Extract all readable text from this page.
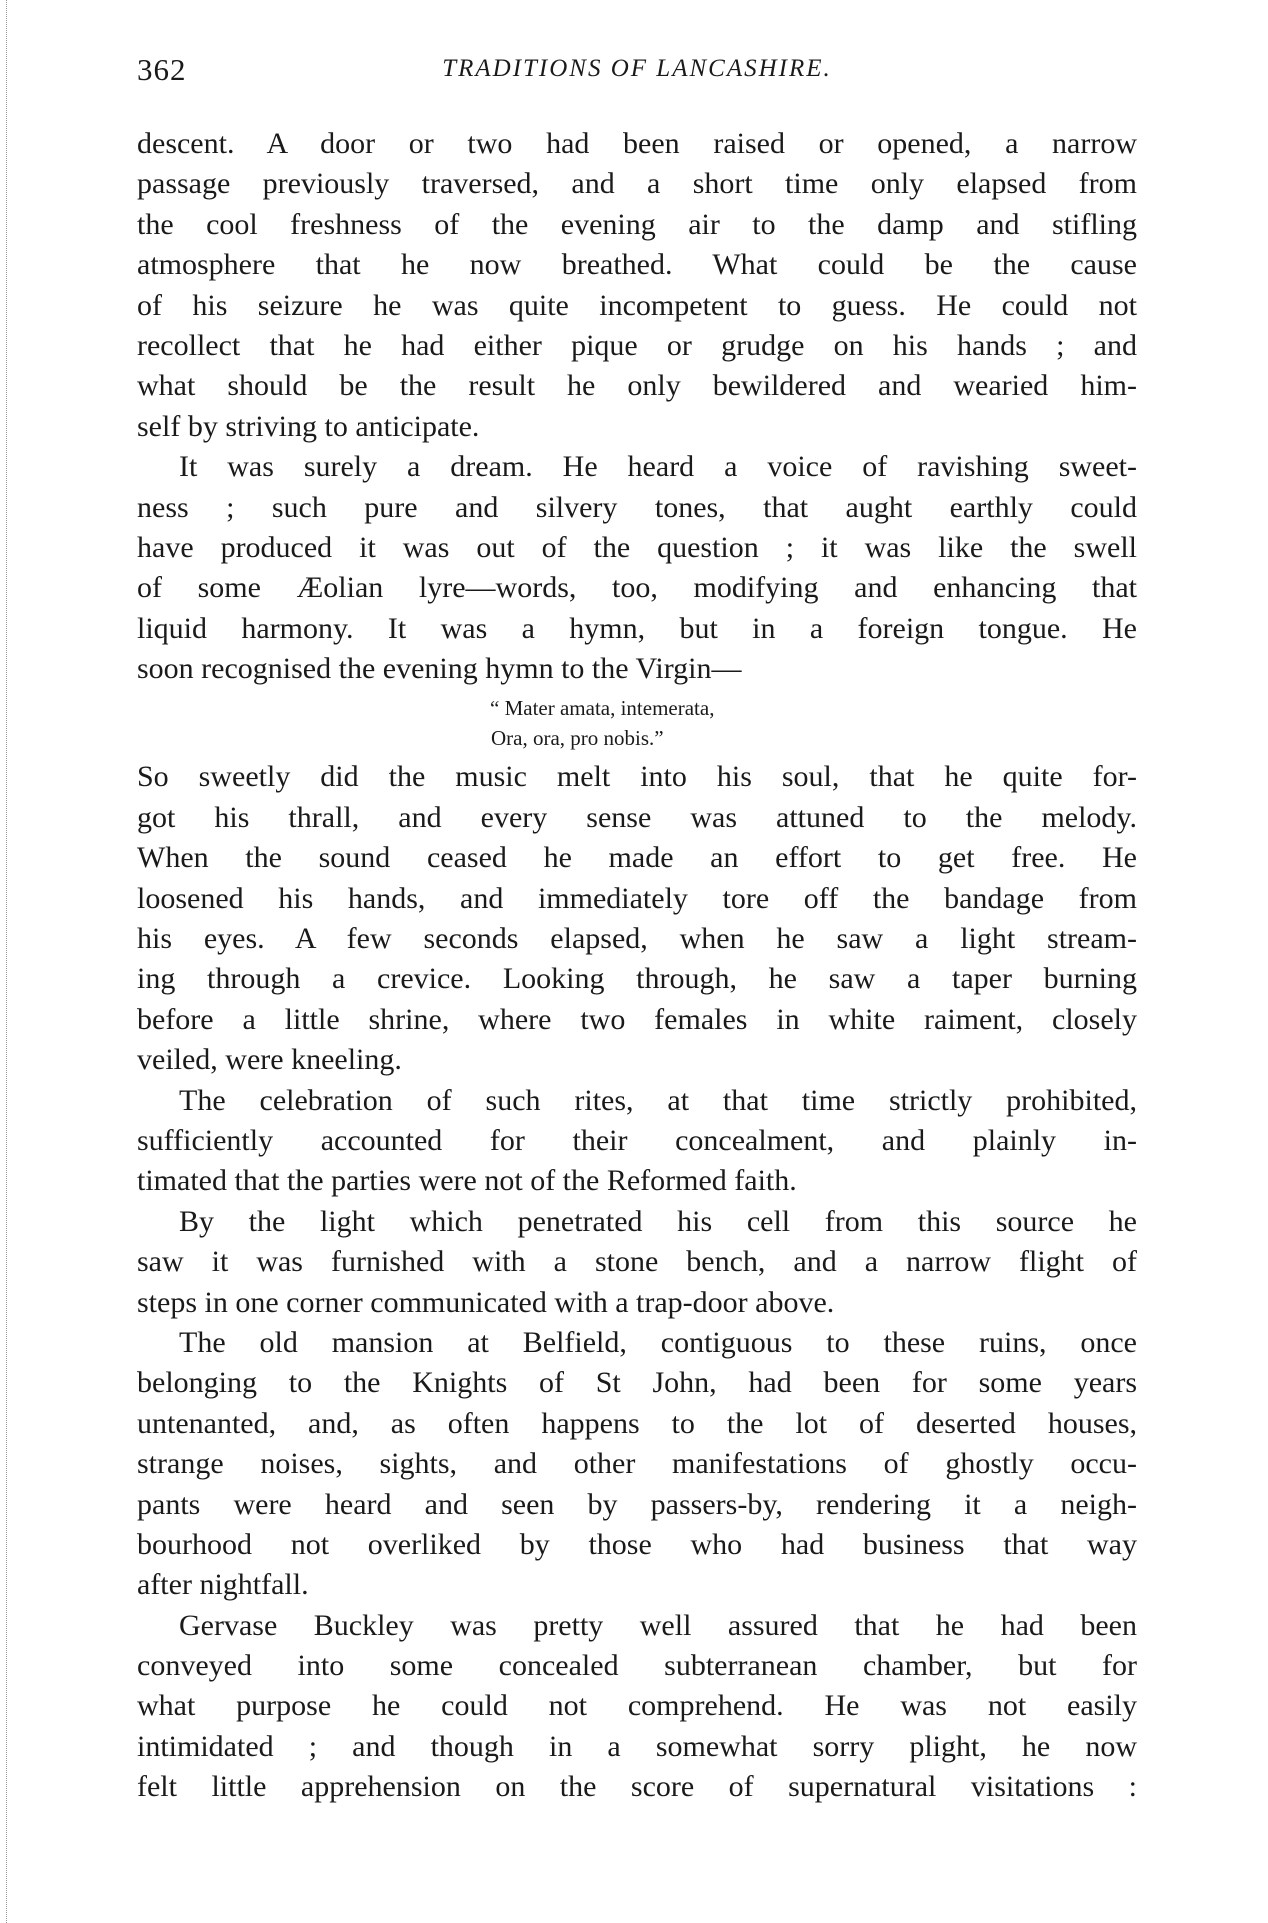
362	TRADITIONS OF LANCASHIRE.
descent. A door or two had been raised or opened, a narrow
passage previously traversed, and a short time only elapsed from
the cool freshness of the evening air to the damp and stifling
atmosphere that he now breathed. What could be the cause
of his seizure he was quite incompetent to guess. He could not
recollect that he had either pique or grudge on his hands ; and
what should be the result he only bewildered and wearied him-
self by striving to anticipate.
It was surely a dream. He heard a voice of ravishing sweet-
ness ; such pure and silvery tones, that aught earthly could
have produced it was out of the question ; it was like the swell
of some Æolian lyre—words, too, modifying and enhancing that
liquid harmony. It was a hymn, but in a foreign tongue. He
soon recognised the evening hymn to the Virgin—
“ Mater amata, intemerata,
Ora, ora, pro nobis.”
So sweetly did the music melt into his soul, that he quite for-
got his thrall, and every sense was attuned to the melody.
When the sound ceased he made an effort to get free. He
loosened his hands, and immediately tore off the bandage from
his eyes. A few seconds elapsed, when he saw a light stream-
ing through a crevice. Looking through, he saw a taper burning
before a little shrine, where two females in white raiment, closely
veiled, were kneeling.
The celebration of such rites, at that time strictly prohibited,
sufficiently accounted for their concealment, and plainly in-
timated that the parties were not of the Reformed faith.
By the light which penetrated his cell from this source he
saw it was furnished with a stone bench, and a narrow flight of
steps in one corner communicated with a trap-door above.
The old mansion at Belfield, contiguous to these ruins, once
belonging to the Knights of St John, had been for some years
untenanted, and, as often happens to the lot of deserted houses,
strange noises, sights, and other manifestations of ghostly occu-
pants were heard and seen by passers-by, rendering it a neigh-
bourhood not overliked by those who had business that way
after nightfall.
Gervase Buckley was pretty well assured that he had been
conveyed into some concealed subterranean chamber, but for
what purpose he could not comprehend. He was not easily
intimidated ; and though in a somewhat sorry plight, he now
felt little apprehension on the score of supernatural visitations :
